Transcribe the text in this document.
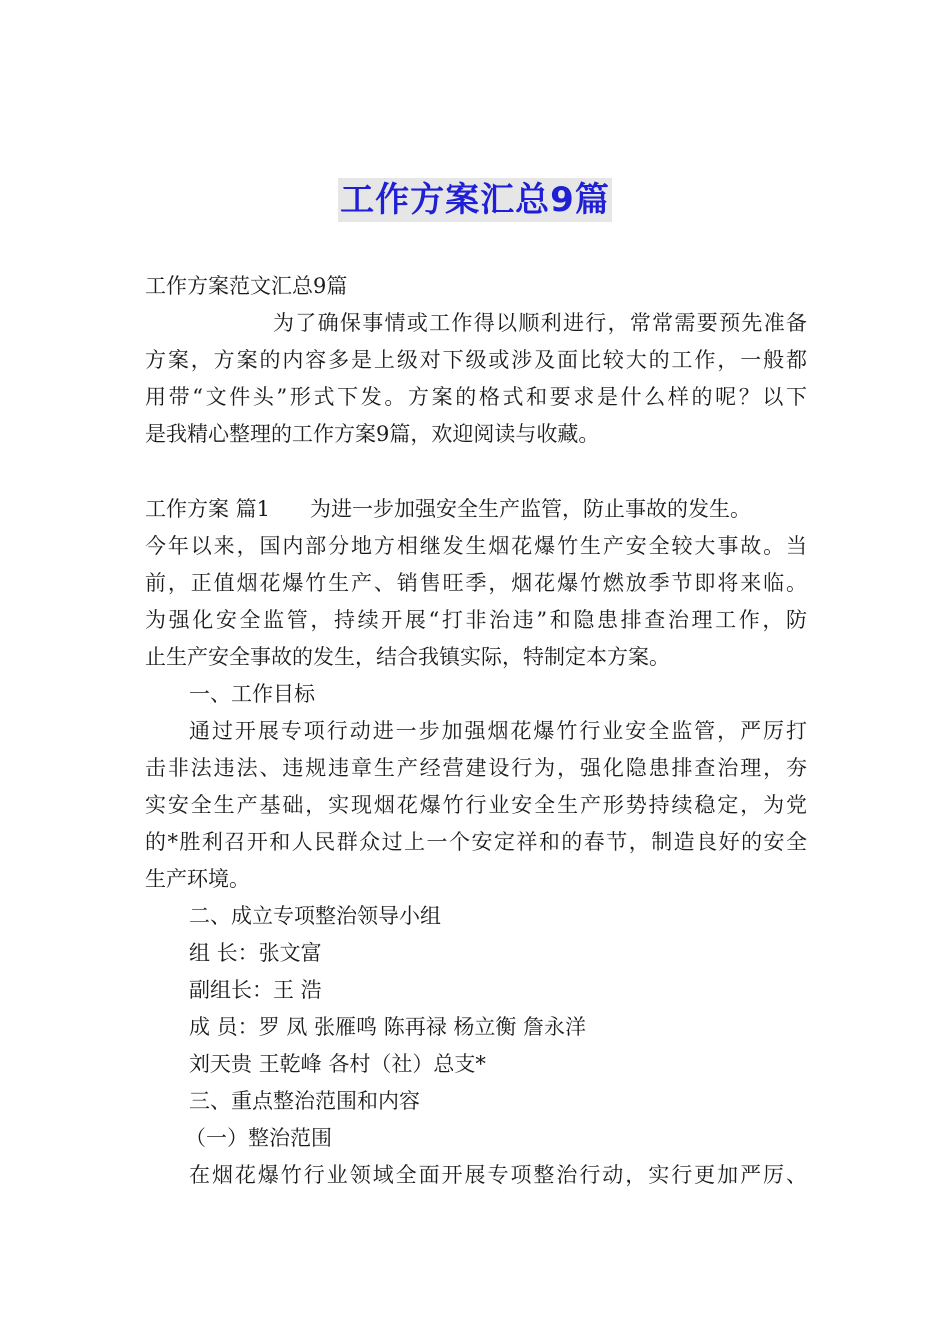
工作方案汇总9篇
工作方案范文汇总9篇
为了确保事情或工作得以顺利进行，常常需要预先准备
方案，方案的内容多是上级对下级或涉及面比较大的工作，一般都
用带“文件头”形式下发。方案的格式和要求是什么样的呢？以下
是我精心整理的工作方案9篇，欢迎阅读与收藏。
工作方案 篇1 为进一步加强安全生产监管，防止事故的发生。
今年以来，国内部分地方相继发生烟花爆竹生产安全较大事故。当
前，正值烟花爆竹生产、销售旺季，烟花爆竹燃放季节即将来临。
为强化安全监管，持续开展“打非治违”和隐患排查治理工作，防
止生产安全事故的发生，结合我镇实际，特制定本方案。
一、工作目标
通过开展专项行动进一步加强烟花爆竹行业安全监管，严厉打
击非法违法、违规违章生产经营建设行为，强化隐患排查治理，夯
实安全生产基础，实现烟花爆竹行业安全生产形势持续稳定，为党
的*胜利召开和人民群众过上一个安定祥和的春节，制造良好的安全
生产环境。
二、成立专项整治领导小组
组 长：张文富
副组长：王 浩
成 员：罗 凤 张雁鸣 陈再禄 杨立衡 詹永洋
刘天贵 王乾峰 各村（社）总支*
三、重点整治范围和内容
（一）整治范围
在烟花爆竹行业领域全面开展专项整治行动，实行更加严厉、
